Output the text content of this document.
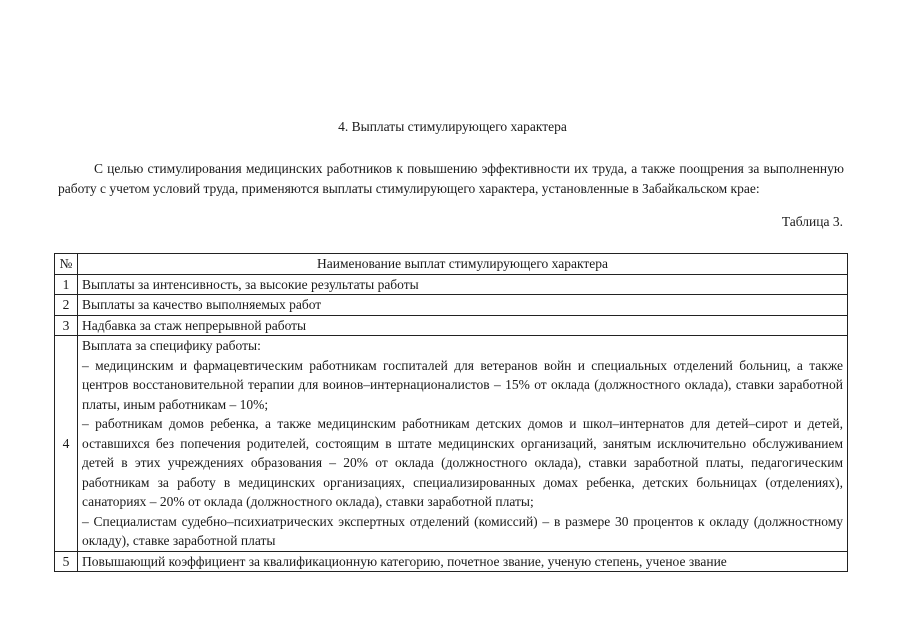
4. Выплаты стимулирующего характера
С целью стимулирования медицинских работников к повышению эффективности их труда, а также поощрения за выполненную работу с учетом условий труда, применяются выплаты стимулирующего характера, установленные в Забайкальском крае:
Таблица 3.
№	Наименование выплат стимулирующего характера
1	Выплаты за интенсивность, за высокие результаты работы

2	Выплаты за качество выполняемых работ

3	Надбавка за стаж непрерывной работы

4	Выплата за специфику работы:
– медицинским и фармацевтическим работникам госпиталей для ветеранов войн и специальных отделений больниц, а также центров восстановительной терапии для воинов–интернационалистов – 15% от оклада (должностного оклада), ставки заработной платы, иным работникам – 10%;
– работникам домов ребенка, а также медицинским работникам детских домов и школ–интернатов для детей–сирот и детей, оставшихся без попечения родителей, состоящим в штате медицинских организаций, занятым исключительно обслуживанием детей в этих учреждениях образования – 20% от оклада (должностного оклада), ставки заработной платы, педагогическим работникам за работу в медицинских организациях, специализированных домах ребенка, детских больницах (отделениях), санаториях – 20% от оклада (должностного оклада), ставки заработной платы;
– Специалистам судебно–психиатрических экспертных отделений (комиссий) – в размере 30 процентов к окладу (должностному окладу), ставке заработной платы

5	Повышающий коэффициент за квалификационную категорию, почетное звание, ученую степень, ученое звание
